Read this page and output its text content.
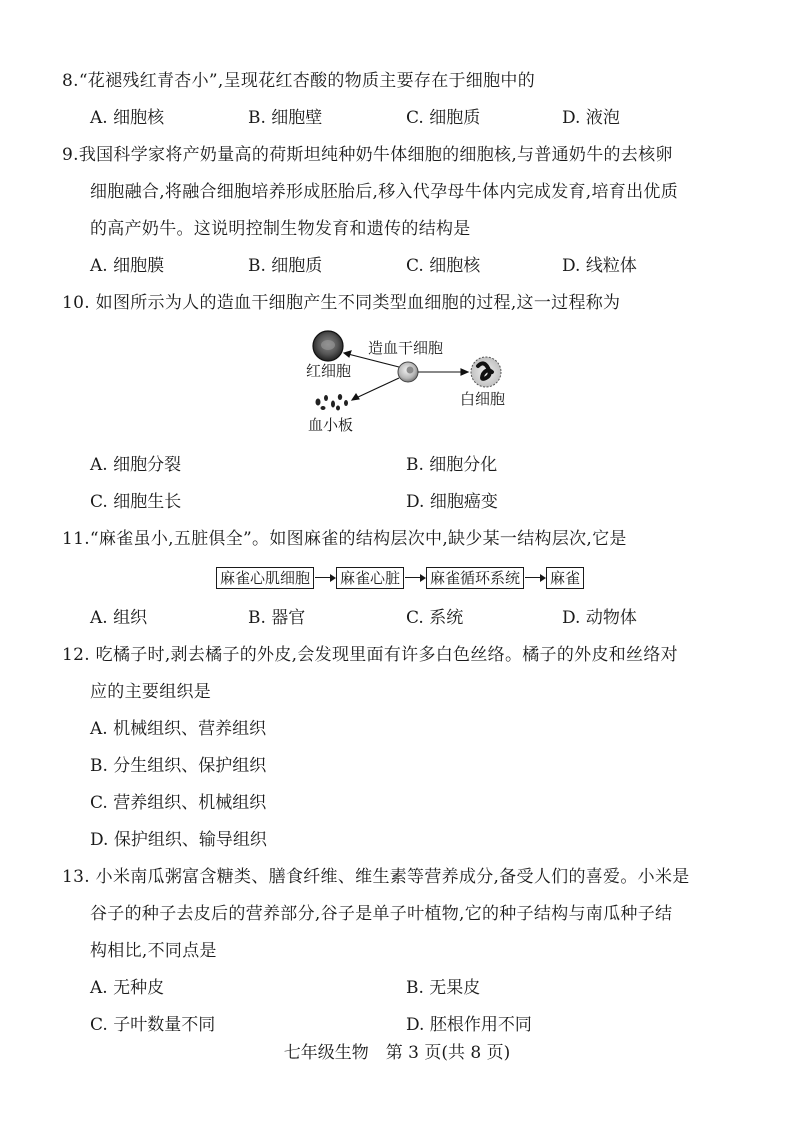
8.“花褪残红青杏小”,呈现花红杏酸的物质主要存在于细胞中的
A. 细胞核	B. 细胞壁	C. 细胞质	D. 液泡
9.我国科学家将产奶量高的荷斯坦纯种奶牛体细胞的细胞核,与普通奶牛的去核卵
细胞融合,将融合细胞培养形成胚胎后,移入代孕母牛体内完成发育,培育出优质
的高产奶牛。这说明控制生物发育和遗传的结构是
A. 细胞膜	B. 细胞质	C. 细胞核	D. 线粒体
10. 如图所示为人的造血干细胞产生不同类型血细胞的过程,这一过程称为
造血干细胞
红细胞
白细胞
血小板
A. 细胞分裂	B. 细胞分化
C. 细胞生长	D. 细胞癌变
11.“麻雀虽小,五脏俱全”。如图麻雀的结构层次中,缺少某一结构层次,它是
麻雀心肌细胞 麻雀心脏 麻雀循环系统 麻雀
A. 组织	B. 器官	C. 系统	D. 动物体
12. 吃橘子时,剥去橘子的外皮,会发现里面有许多白色丝络。橘子的外皮和丝络对
应的主要组织是
A. 机械组织、营养组织
B. 分生组织、保护组织
C. 营养组织、机械组织
D. 保护组织、输导组织
13. 小米南瓜粥富含糖类、膳食纤维、维生素等营养成分,备受人们的喜爱。小米是
谷子的种子去皮后的营养部分,谷子是单子叶植物,它的种子结构与南瓜种子结
构相比,不同点是
A. 无种皮	B. 无果皮
C. 子叶数量不同	D. 胚根作用不同
七年级生物　第 3 页(共 8 页)
